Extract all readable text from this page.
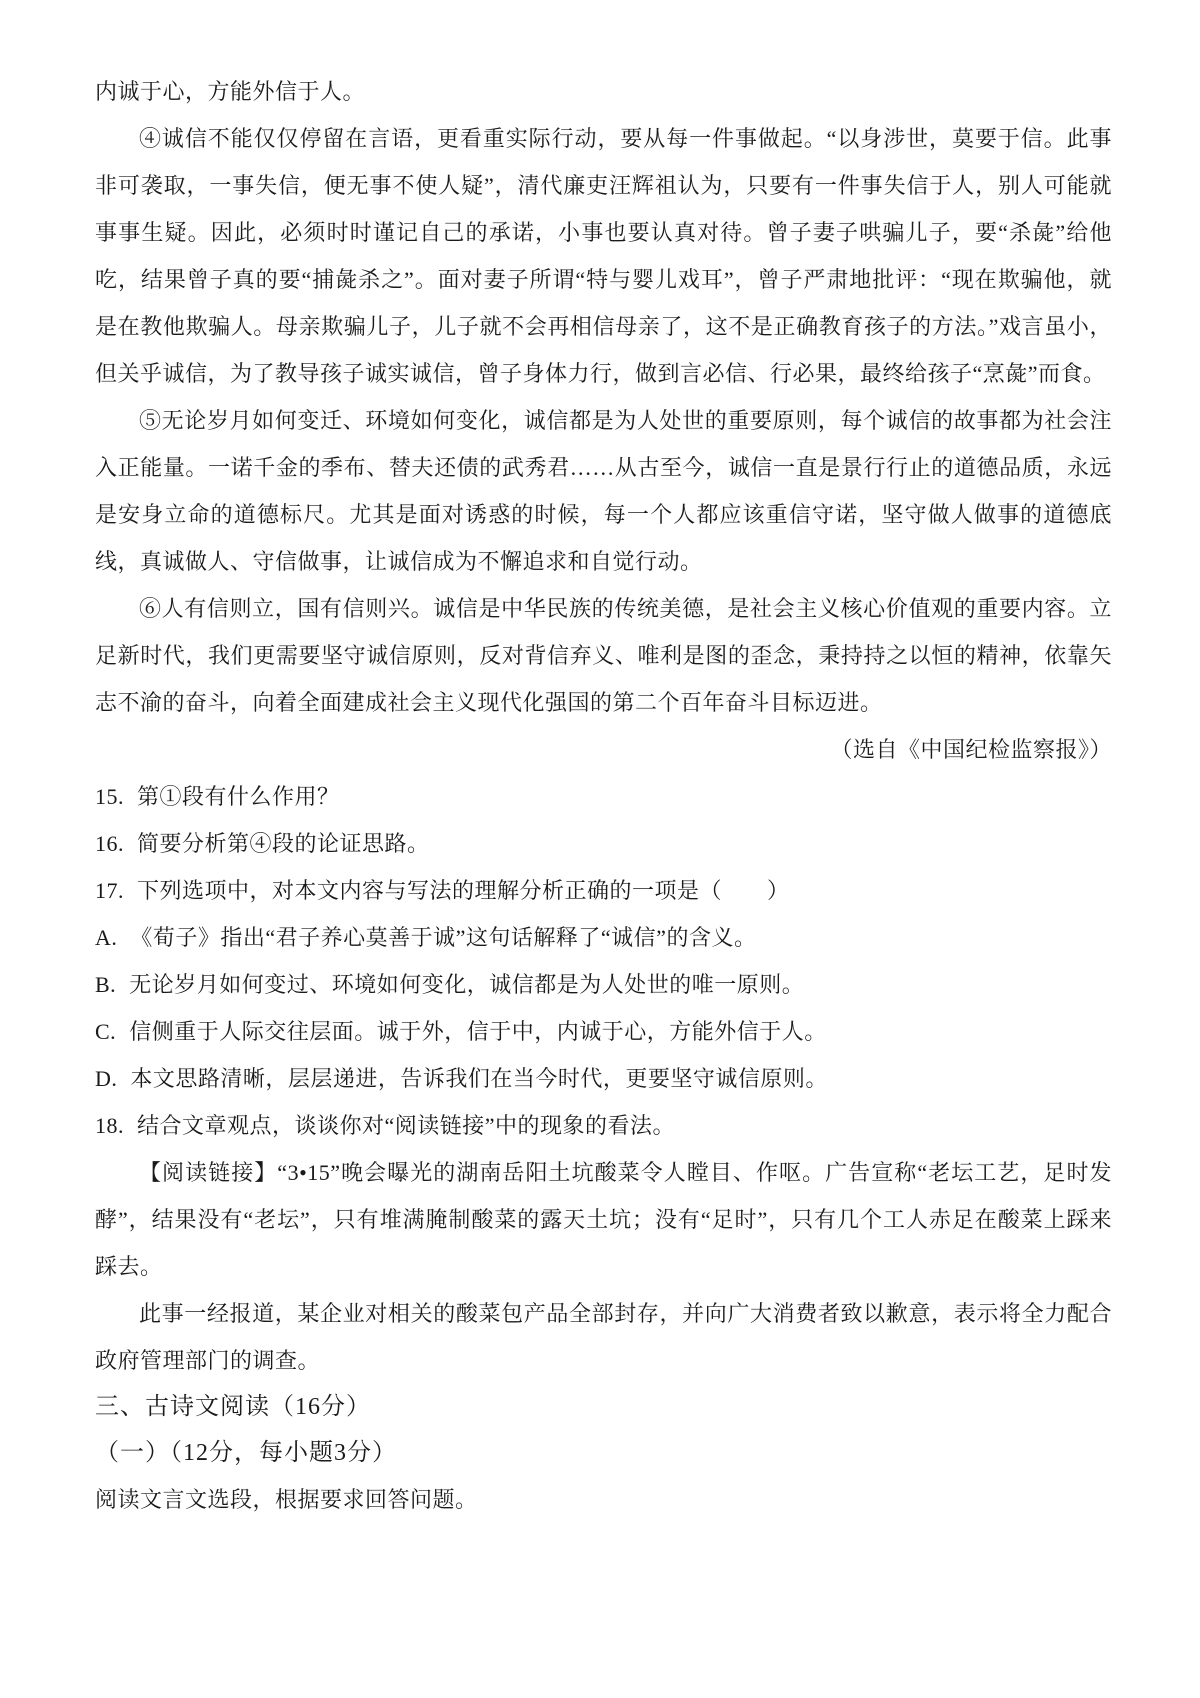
内诚于心，方能外信于人。

④诚信不能仅仅停留在言语，更看重实际行动，要从每一件事做起。“以身涉世，莫要于信。此事非可袭取，一事失信，便无事不使人疑”，清代廉吏汪辉祖认为，只要有一件事失信于人，别人可能就事事生疑。因此，必须时时谨记自己的承诺，小事也要认真对待。曾子妻子哄骗儿子，要“杀彘”给他吃，结果曾子真的要“捕彘杀之”。面对妻子所谓“特与婴儿戏耳”，曾子严肃地批评：“现在欺骗他，就是在教他欺骗人。母亲欺骗儿子，儿子就不会再相信母亲了，这不是正确教育孩子的方法。”戏言虽小，但关乎诚信，为了教导孩子诚实诚信，曾子身体力行，做到言必信、行必果，最终给孩子“烹彘”而食。

⑤无论岁月如何变迁、环境如何变化，诚信都是为人处世的重要原则，每个诚信的故事都为社会注入正能量。一诺千金的季布、替夫还债的武秀君……从古至今，诚信一直是景行行止的道德品质，永远是安身立命的道德标尺。尤其是面对诱惑的时候，每一个人都应该重信守诺，坚守做人做事的道德底线，真诚做人、守信做事，让诚信成为不懈追求和自觉行动。

⑥人有信则立，国有信则兴。诚信是中华民族的传统美德，是社会主义核心价值观的重要内容。立足新时代，我们更需要坚守诚信原则，反对背信弃义、唯利是图的歪念，秉持持之以恒的精神，依靠矢志不渝的奋斗，向着全面建成社会主义现代化强国的第二个百年奋斗目标迈进。

（选自《中国纪检监察报》）

15. 第①段有什么作用？

16. 简要分析第④段的论证思路。

17. 下列选项中，对本文内容与写法的理解分析正确的一项是（　　）

A. 《荀子》指出“君子养心莫善于诚”这句话解释了“诚信”的含义。

B. 无论岁月如何变过、环境如何变化，诚信都是为人处世的唯一原则。

C. 信侧重于人际交往层面。诚于外，信于中，内诚于心，方能外信于人。

D. 本文思路清晰，层层递进，告诉我们在当今时代，更要坚守诚信原则。

18. 结合文章观点，谈谈你对“阅读链接”中的现象的看法。

【阅读链接】“3•15”晚会曝光的湖南岳阳土坑酸菜令人瞠目、作呕。广告宣称“老坛工艺，足时发酵”，结果没有“老坛”，只有堆满腌制酸菜的露天土坑；没有“足时”，只有几个工人赤足在酸菜上踩来踩去。

此事一经报道，某企业对相关的酸菜包产品全部封存，并向广大消费者致以歉意，表示将全力配合政府管理部门的调查。

三、古诗文阅读（16分）
（一）（12分，每小题3分）

阅读文言文选段，根据要求回答问题。
